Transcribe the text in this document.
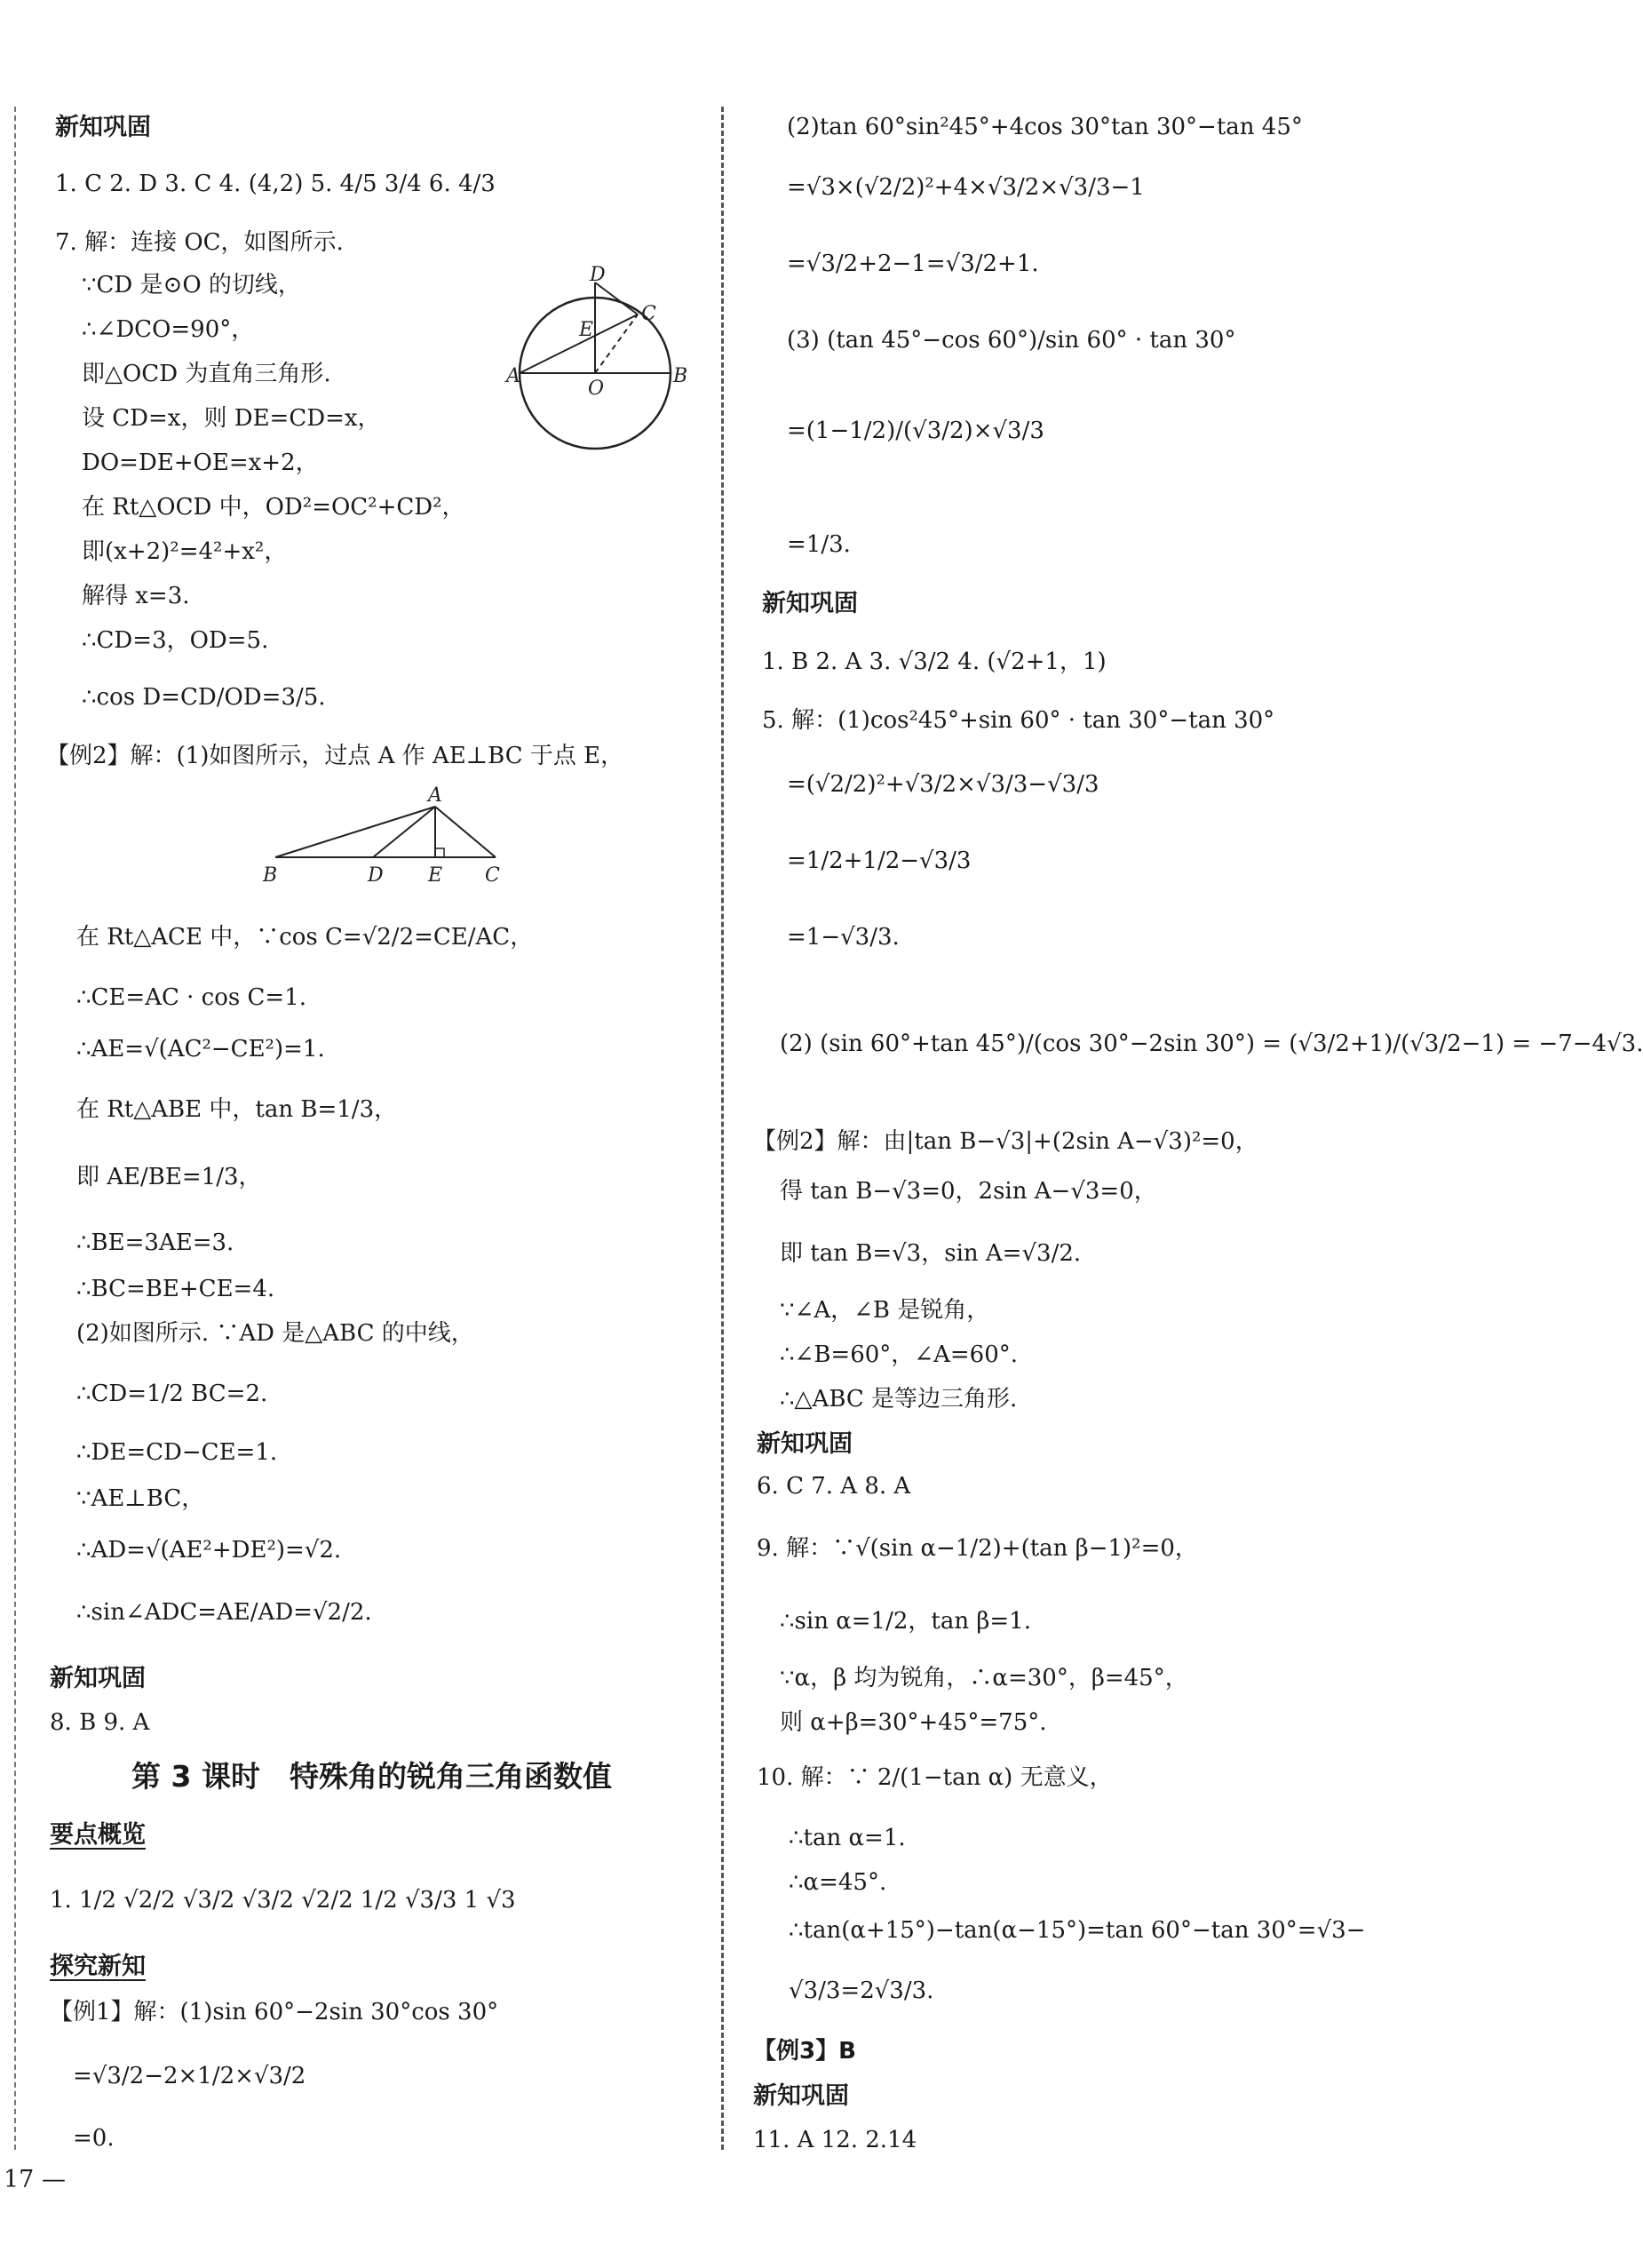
新知巩固
1. C 2. D 3. C 4. (4,2) 5. 4/5 3/4 6. 4/3
7. 解：连接 OC，如图所示.
∵CD 是⊙O 的切线，
∴∠DCO=90°，
即△OCD 为直角三角形.
设 CD=x，则 DE=CD=x，
DO=DE+OE=x+2，
在 Rt△OCD 中，OD²=OC²+CD²，
即(x+2)²=4²+x²，
解得 x=3.
∴CD=3，OD=5.
∴cos D=CD/OD=3/5.
【例2】解：(1)如图所示，过点 A 作 AE⊥BC 于点 E，
在 Rt△ACE 中，∵cos C=√2/2=CE/AC，
∴CE=AC · cos C=1.
∴AE=√(AC²−CE²)=1.
在 Rt△ABE 中，tan B=1/3，
即 AE/BE=1/3，
∴BE=3AE=3.
∴BC=BE+CE=4.
(2)如图所示. ∵AD 是△ABC 的中线，
∴CD=1/2 BC=2.
∴DE=CD−CE=1.
∵AE⊥BC，
∴AD=√(AE²+DE²)=√2.
∴sin∠ADC=AE/AD=√2/2.
新知巩固
8. B 9. A
第 3 课时　特殊角的锐角三角函数值
要点概览
1. 1/2 √2/2 √3/2 √3/2 √2/2 1/2 √3/3 1 √3
探究新知
【例1】解：(1)sin 60°−2sin 30°cos 30°
=√3/2−2×1/2×√3/2
=0.
(2)tan 60°sin²45°+4cos 30°tan 30°−tan 45°
=√3×(√2/2)²+4×√3/2×√3/3−1
=√3/2+2−1=√3/2+1.
(3) (tan 45°−cos 60°)/sin 60° · tan 30°
=(1−1/2)/(√3/2)×√3/3
=1/3.
新知巩固
1. B 2. A 3. √3/2 4. (√2+1，1)
5. 解：(1)cos²45°+sin 60° · tan 30°−tan 30°
=(√2/2)²+√3/2×√3/3−√3/3
=1/2+1/2−√3/3
=1−√3/3.
(2) (sin 60°+tan 45°)/(cos 30°−2sin 30°) = (√3/2+1)/(√3/2−1) = −7−4√3.
【例2】解：由|tan B−√3|+(2sin A−√3)²=0，
得 tan B−√3=0，2sin A−√3=0，
即 tan B=√3，sin A=√3/2.
∵∠A，∠B 是锐角，
∴∠B=60°，∠A=60°.
∴△ABC 是等边三角形.
新知巩固
6. C 7. A 8. A
9. 解：∵√(sin α−1/2)+(tan β−1)²=0，
∴sin α=1/2，tan β=1.
∵α，β 均为锐角，∴α=30°，β=45°，
则 α+β=30°+45°=75°.
10. 解：∵ 2/(1−tan α) 无意义，
∴tan α=1.
∴α=45°.
∴tan(α+15°)−tan(α−15°)=tan 60°−tan 30°=√3−
√3/3=2√3/3.
【例3】B
新知巩固
11. A 12. 2.14
D
C
E
A
O
B
A
B	D E C
17 —
